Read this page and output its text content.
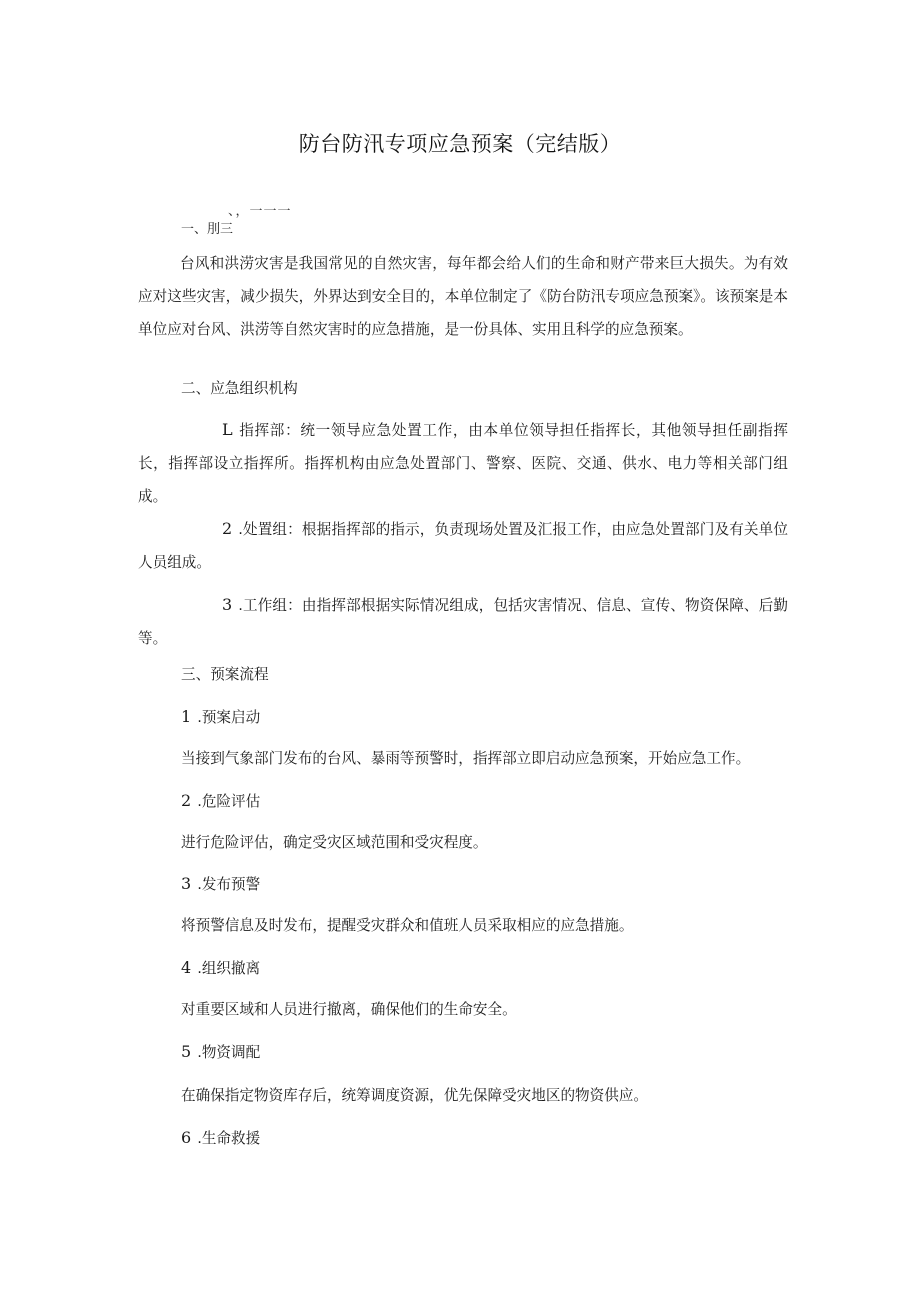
防台防汛专项应急预案（完结版）
、，一一一
一、刖三
台风和洪涝灾害是我国常见的自然灾害，每年都会给人们的生命和财产带来巨大损失。为有效应对这些灾害，减少损失，外界达到安全目的，本单位制定了《防台防汛专项应急预案》。该预案是本单位应对台风、洪涝等自然灾害时的应急措施，是一份具体、实用且科学的应急预案。
二、应急组织机构
L 指挥部：统一领导应急处置工作，由本单位领导担任指挥长，其他领导担任副指挥长，指挥部设立指挥所。指挥机构由应急处置部门、警察、医院、交通、供水、电力等相关部门组成。
2 .处置组：根据指挥部的指示，负责现场处置及汇报工作，由应急处置部门及有关单位人员组成。
3 .工作组：由指挥部根据实际情况组成，包括灾害情况、信息、宣传、物资保障、后勤等。
三、预案流程
1 .预案启动
当接到气象部门发布的台风、暴雨等预警时，指挥部立即启动应急预案，开始应急工作。
2 .危险评估
进行危险评估，确定受灾区域范围和受灾程度。
3 .发布预警
将预警信息及时发布，提醒受灾群众和值班人员采取相应的应急措施。
4 .组织撤离
对重要区域和人员进行撤离，确保他们的生命安全。
5 .物资调配
在确保指定物资库存后，统筹调度资源，优先保障受灾地区的物资供应。
6 .生命救援
